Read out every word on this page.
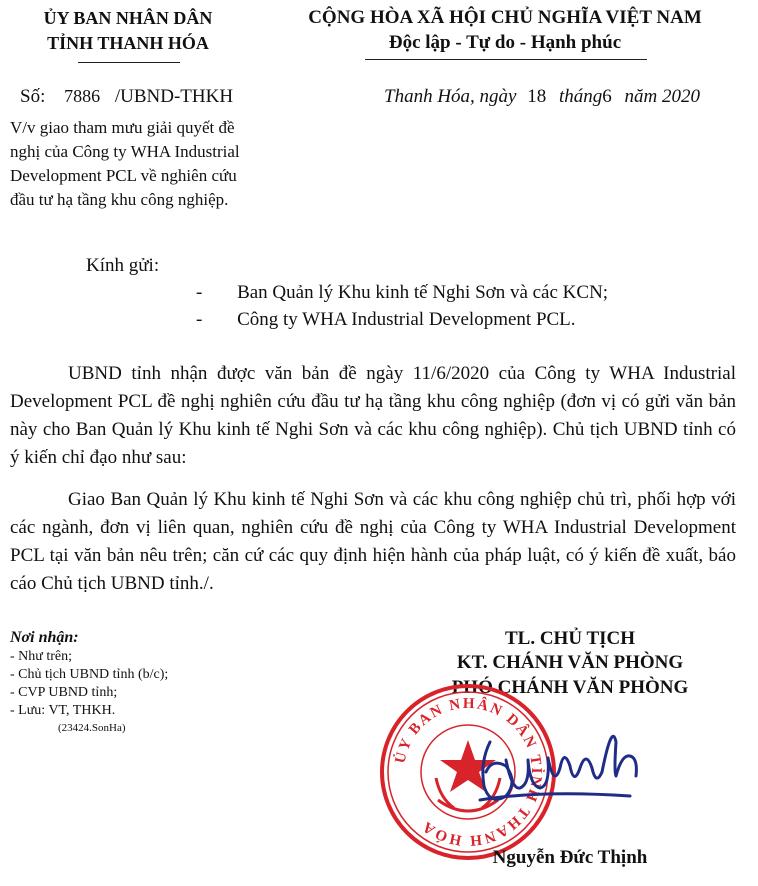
ỦY BAN NHÂN DÂN
TỈNH THANH HÓA
CỘNG HÒA XÃ HỘI CHỦ NGHĨA VIỆT NAM
Độc lập - Tự do - Hạnh phúc
Số: 7886 /UBND-THKH	Thanh Hóa, ngày 18 tháng6 năm 2020
V/v giao tham mưu giải quyết đề
nghị của Công ty WHA Industrial
Development PCL về nghiên cứu
đầu tư hạ tầng khu công nghiệp.
Kính gửi:
- Ban Quản lý Khu kinh tế Nghi Sơn và các KCN;
- Công ty WHA Industrial Development PCL.
UBND tỉnh nhận được văn bản đề ngày 11/6/2020 của Công ty WHA Industrial Development PCL đề nghị nghiên cứu đầu tư hạ tầng khu công nghiệp (đơn vị có gửi văn bản này cho Ban Quản lý Khu kinh tế Nghi Sơn và các khu công nghiệp). Chủ tịch UBND tỉnh có ý kiến chỉ đạo như sau:
Giao Ban Quản lý Khu kinh tế Nghi Sơn và các khu công nghiệp chủ trì, phối hợp với các ngành, đơn vị liên quan, nghiên cứu đề nghị của Công ty WHA Industrial Development PCL tại văn bản nêu trên; căn cứ các quy định hiện hành của pháp luật, có ý kiến đề xuất, báo cáo Chủ tịch UBND tỉnh./.
Nơi nhận:
- Như trên;
- Chủ tịch UBND tỉnh (b/c);
- CVP UBND tỉnh;
- Lưu: VT, THKH.
(23424.SonHa)
TL. CHỦ TỊCH
KT. CHÁNH VĂN PHÒNG
PHÓ CHÁNH VĂN PHÒNG
ỦY BAN NHÂN DÂN TỈNH THANH HÓA
Nguyễn Đức Thịnh
